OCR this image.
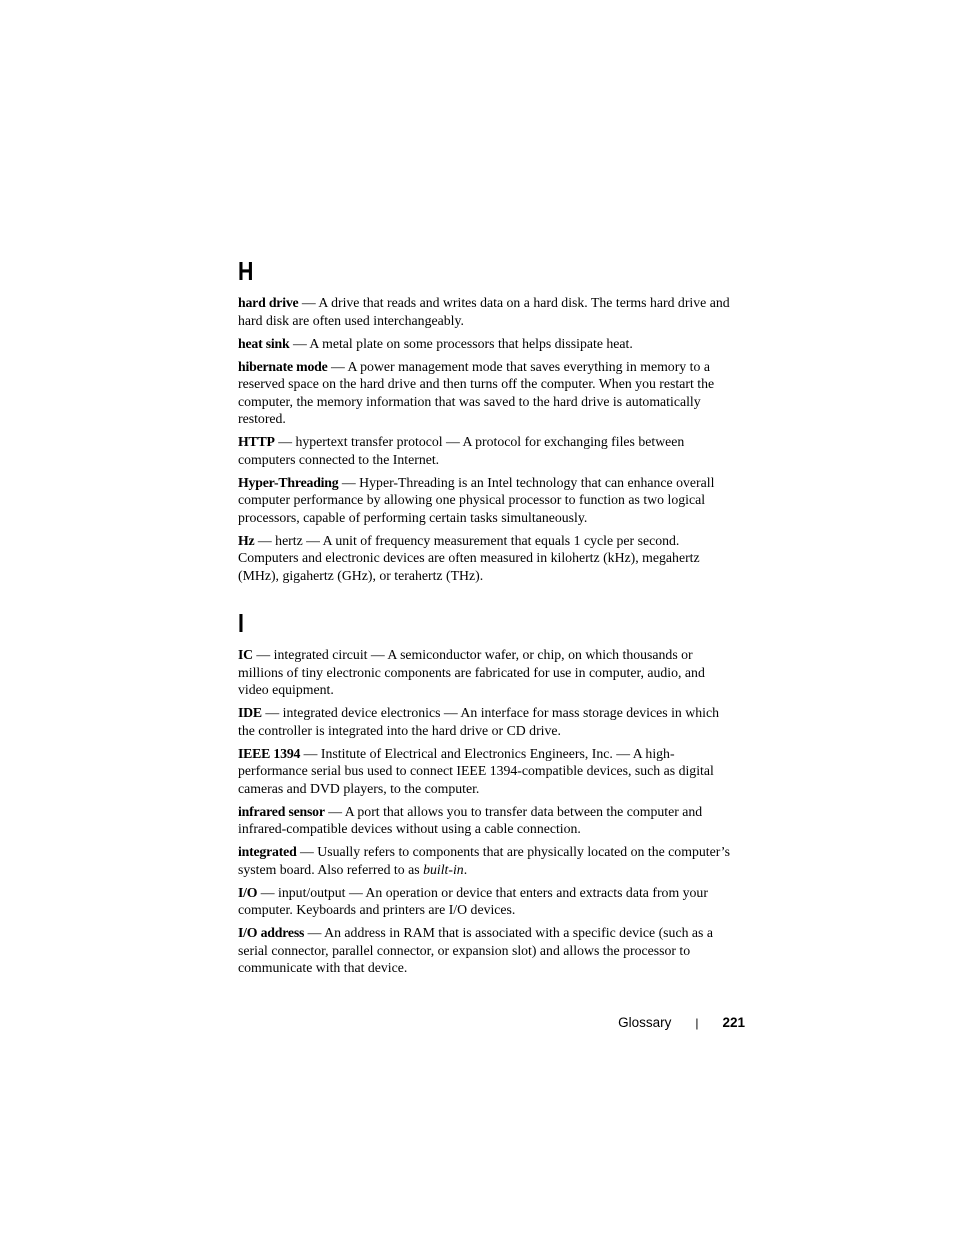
H

hard drive — A drive that reads and writes data on a hard disk. The terms hard drive and hard disk are often used interchangeably.

heat sink — A metal plate on some processors that helps dissipate heat.

hibernate mode — A power management mode that saves everything in memory to a reserved space on the hard drive and then turns off the computer. When you restart the computer, the memory information that was saved to the hard drive is automatically restored.

HTTP — hypertext transfer protocol — A protocol for exchanging files between computers connected to the Internet.

Hyper-Threading — Hyper-Threading is an Intel technology that can enhance overall computer performance by allowing one physical processor to function as two logical processors, capable of performing certain tasks simultaneously.

Hz — hertz — A unit of frequency measurement that equals 1 cycle per second. Computers and electronic devices are often measured in kilohertz (kHz), megahertz (MHz), gigahertz (GHz), or terahertz (THz).

I

IC — integrated circuit — A semiconductor wafer, or chip, on which thousands or millions of tiny electronic components are fabricated for use in computer, audio, and video equipment.

IDE — integrated device electronics — An interface for mass storage devices in which the controller is integrated into the hard drive or CD drive.

IEEE 1394 — Institute of Electrical and Electronics Engineers, Inc. — A high-performance serial bus used to connect IEEE 1394-compatible devices, such as digital cameras and DVD players, to the computer.

infrared sensor — A port that allows you to transfer data between the computer and infrared-compatible devices without using a cable connection.

integrated — Usually refers to components that are physically located on the computer’s system board. Also referred to as built-in.

I/O — input/output — An operation or device that enters and extracts data from your computer. Keyboards and printers are I/O devices.

I/O address — An address in RAM that is associated with a specific device (such as a serial connector, parallel connector, or expansion slot) and allows the processor to communicate with that device.

Glossary | 221
